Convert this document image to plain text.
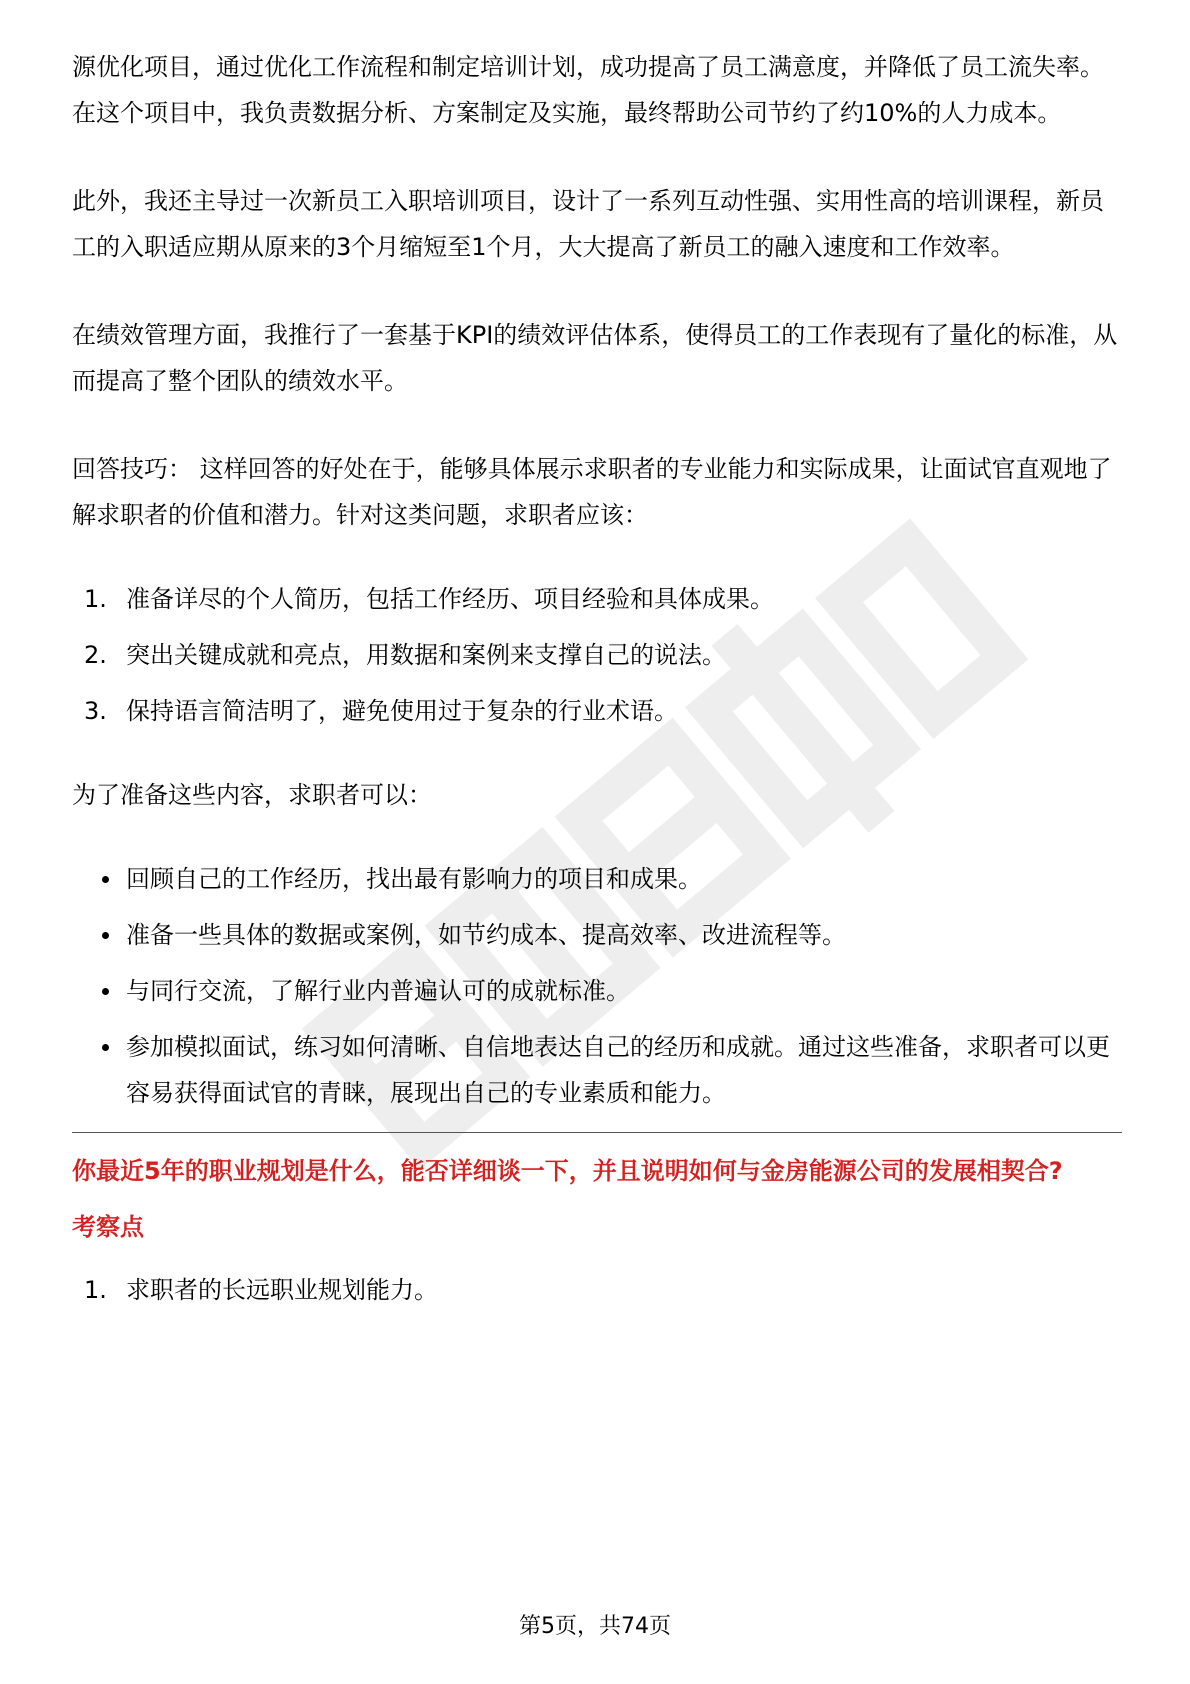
源优化项目，通过优化工作流程和制定培训计划，成功提高了员工满意度，并降低了员工流失率。在这个项目中，我负责数据分析、方案制定及实施，最终帮助公司节约了约10%的人力成本。

此外，我还主导过一次新员工入职培训项目，设计了一系列互动性强、实用性高的培训课程，新员工的入职适应期从原来的3个月缩短至1个月，大大提高了新员工的融入速度和工作效率。

在绩效管理方面，我推行了一套基于KPI的绩效评估体系，使得员工的工作表现有了量化的标准，从而提高了整个团队的绩效水平。

回答技巧： 这样回答的好处在于，能够具体展示求职者的专业能力和实际成果，让面试官直观地了解求职者的价值和潜力。针对这类问题，求职者应该：

1. 准备详尽的个人简历，包括工作经历、项目经验和具体成果。
2. 突出关键成就和亮点，用数据和案例来支撑自己的说法。
3. 保持语言简洁明了，避免使用过于复杂的行业术语。

为了准备这些内容，求职者可以：

回顾自己的工作经历，找出最有影响力的项目和成果。
准备一些具体的数据或案例，如节约成本、提高效率、改进流程等。
与同行交流，了解行业内普遍认可的成就标准。
参加模拟面试，练习如何清晰、自信地表达自己的经历和成就。通过这些准备，求职者可以更容易获得面试官的青睐，展现出自己的专业素质和能力。

你最近5年的职业规划是什么，能否详细谈一下，并且说明如何与金房能源公司的发展相契合?

考察点

1. 求职者的长远职业规划能力。
第5页，共74页
